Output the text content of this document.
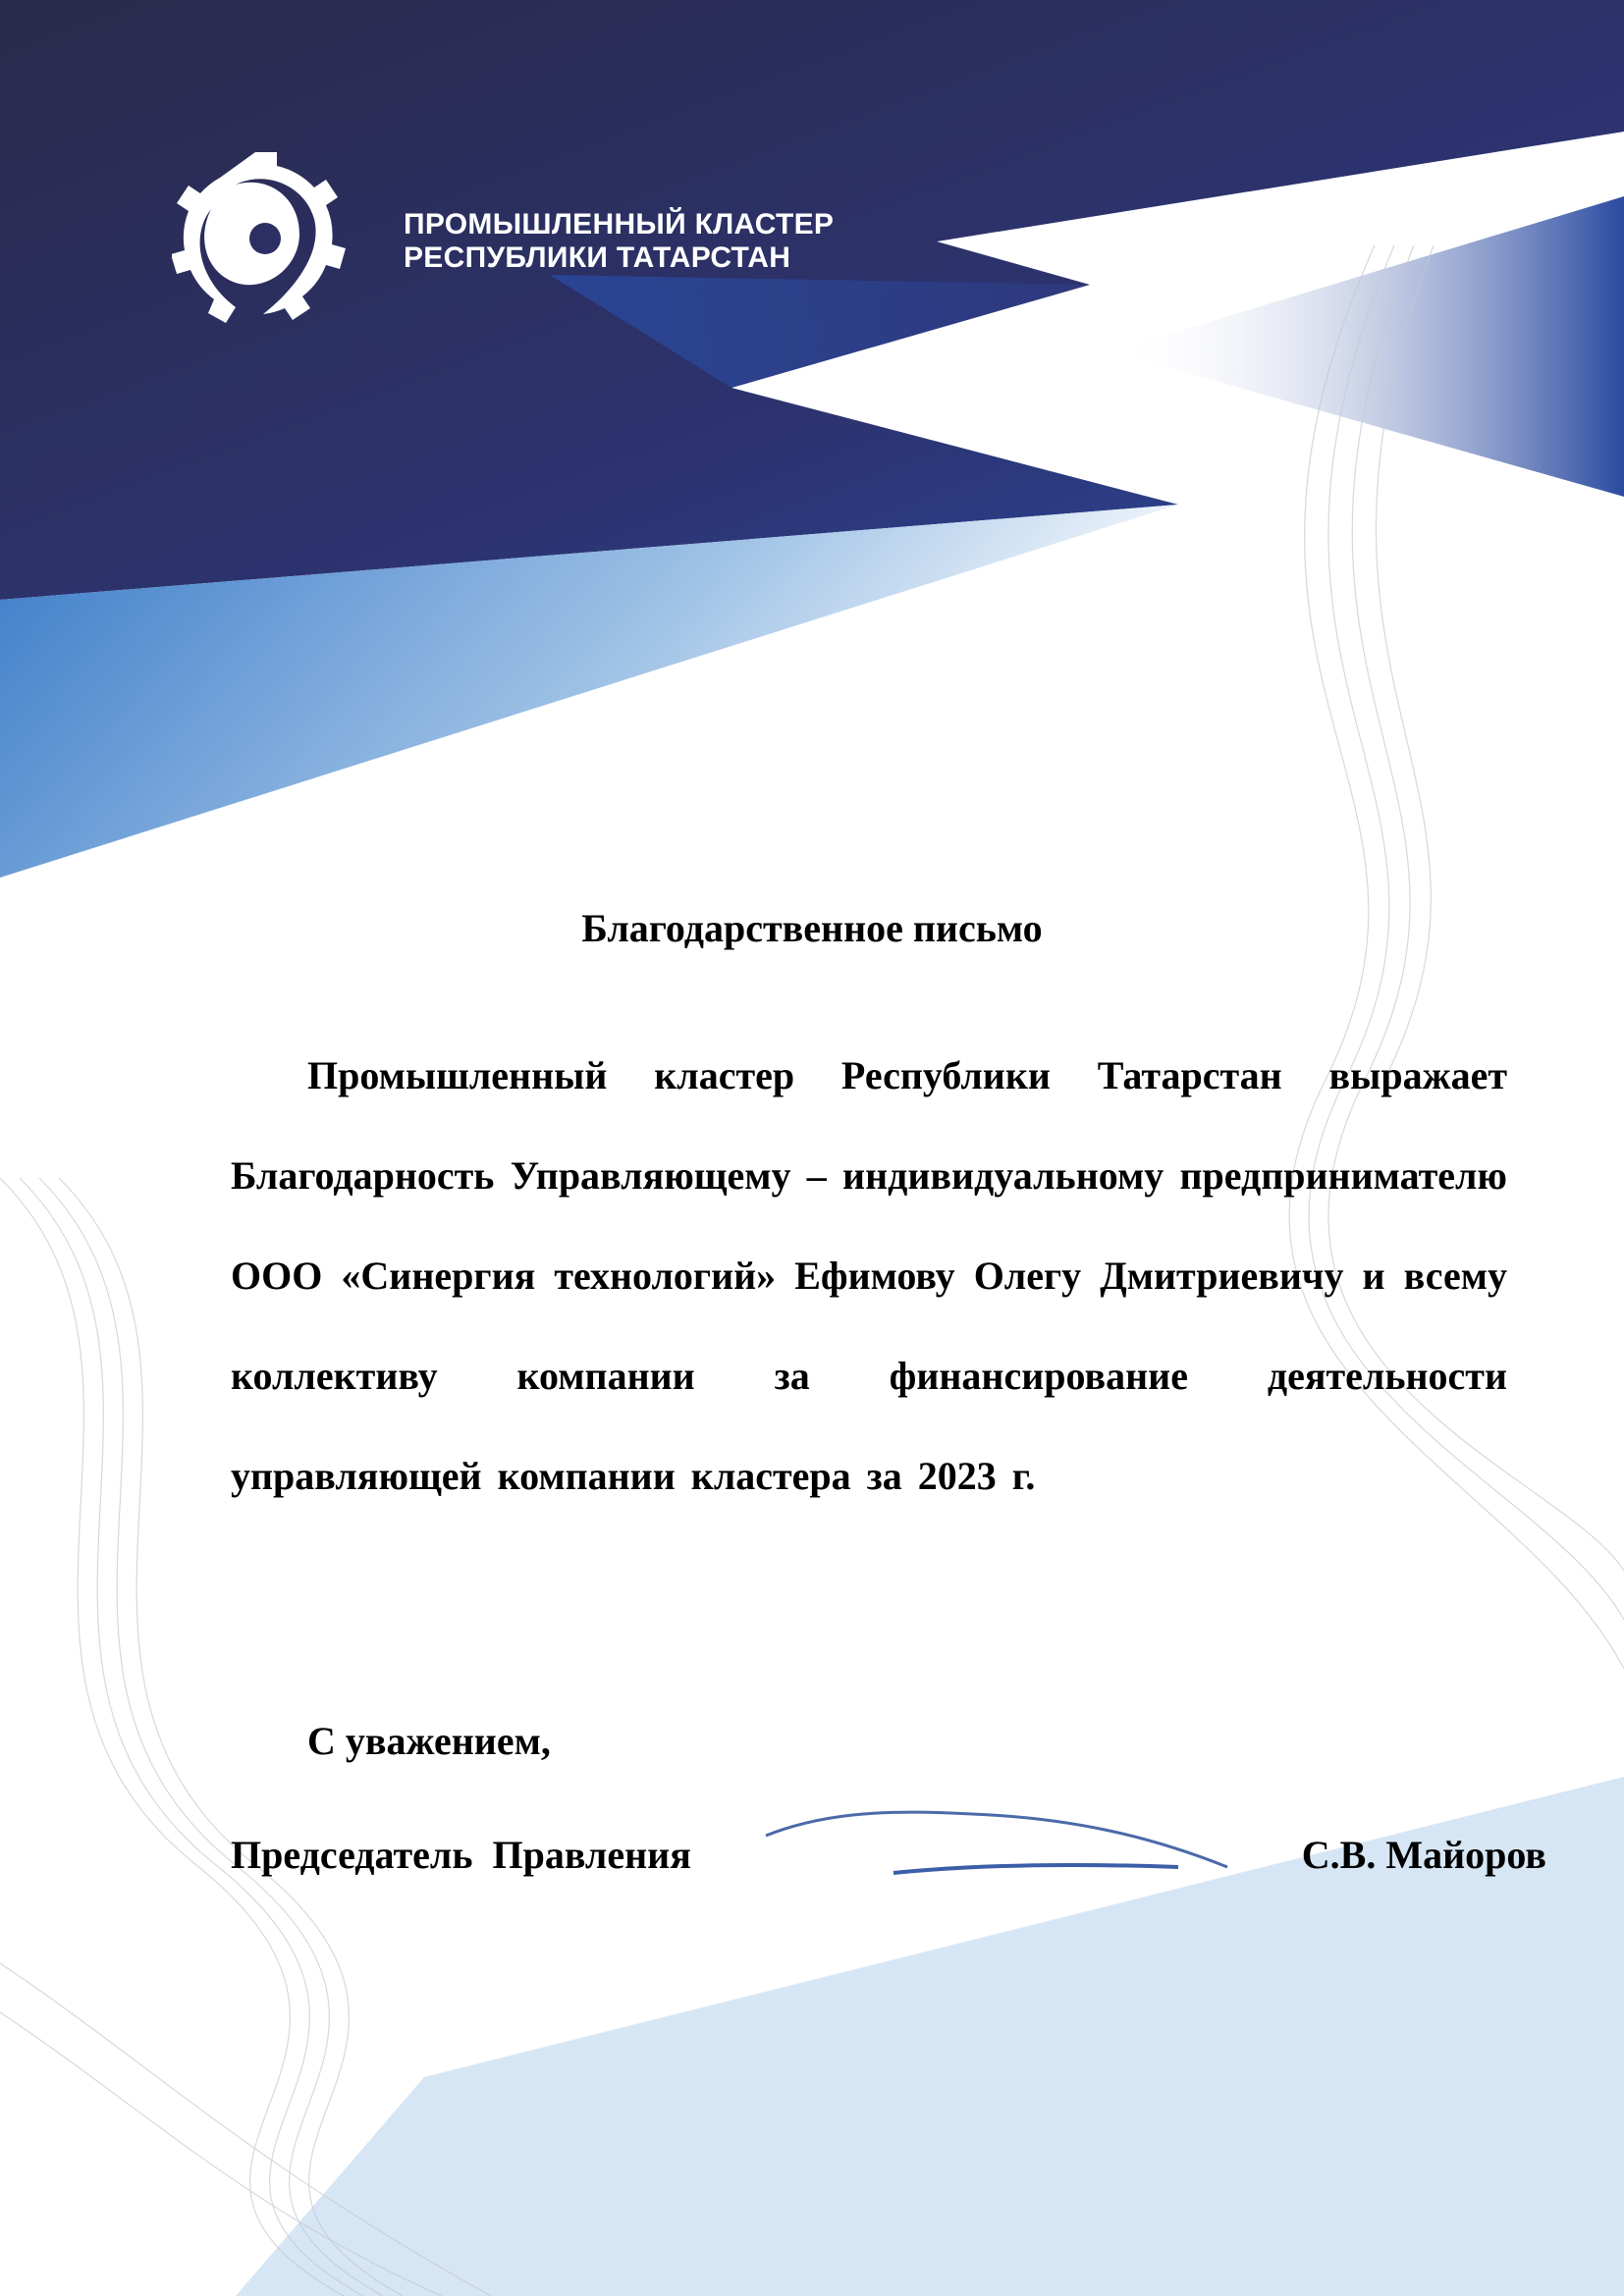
ПРОМЫШЛЕННЫЙ КЛАСТЕР
РЕСПУБЛИКИ ТАТАРСТАН
Благодарственное письмо
Промышленный кластер Республики Татарстан выражает Благодарность Управляющему – индивидуальному предпринимателю ООО «Синергия технологий» Ефимову Олегу Дмитриевичу и всему коллективу компании за финансирование деятельности управляющей компании кластера за 2023 г.
С уважением,
Председатель  Правления	С.В. Майоров
